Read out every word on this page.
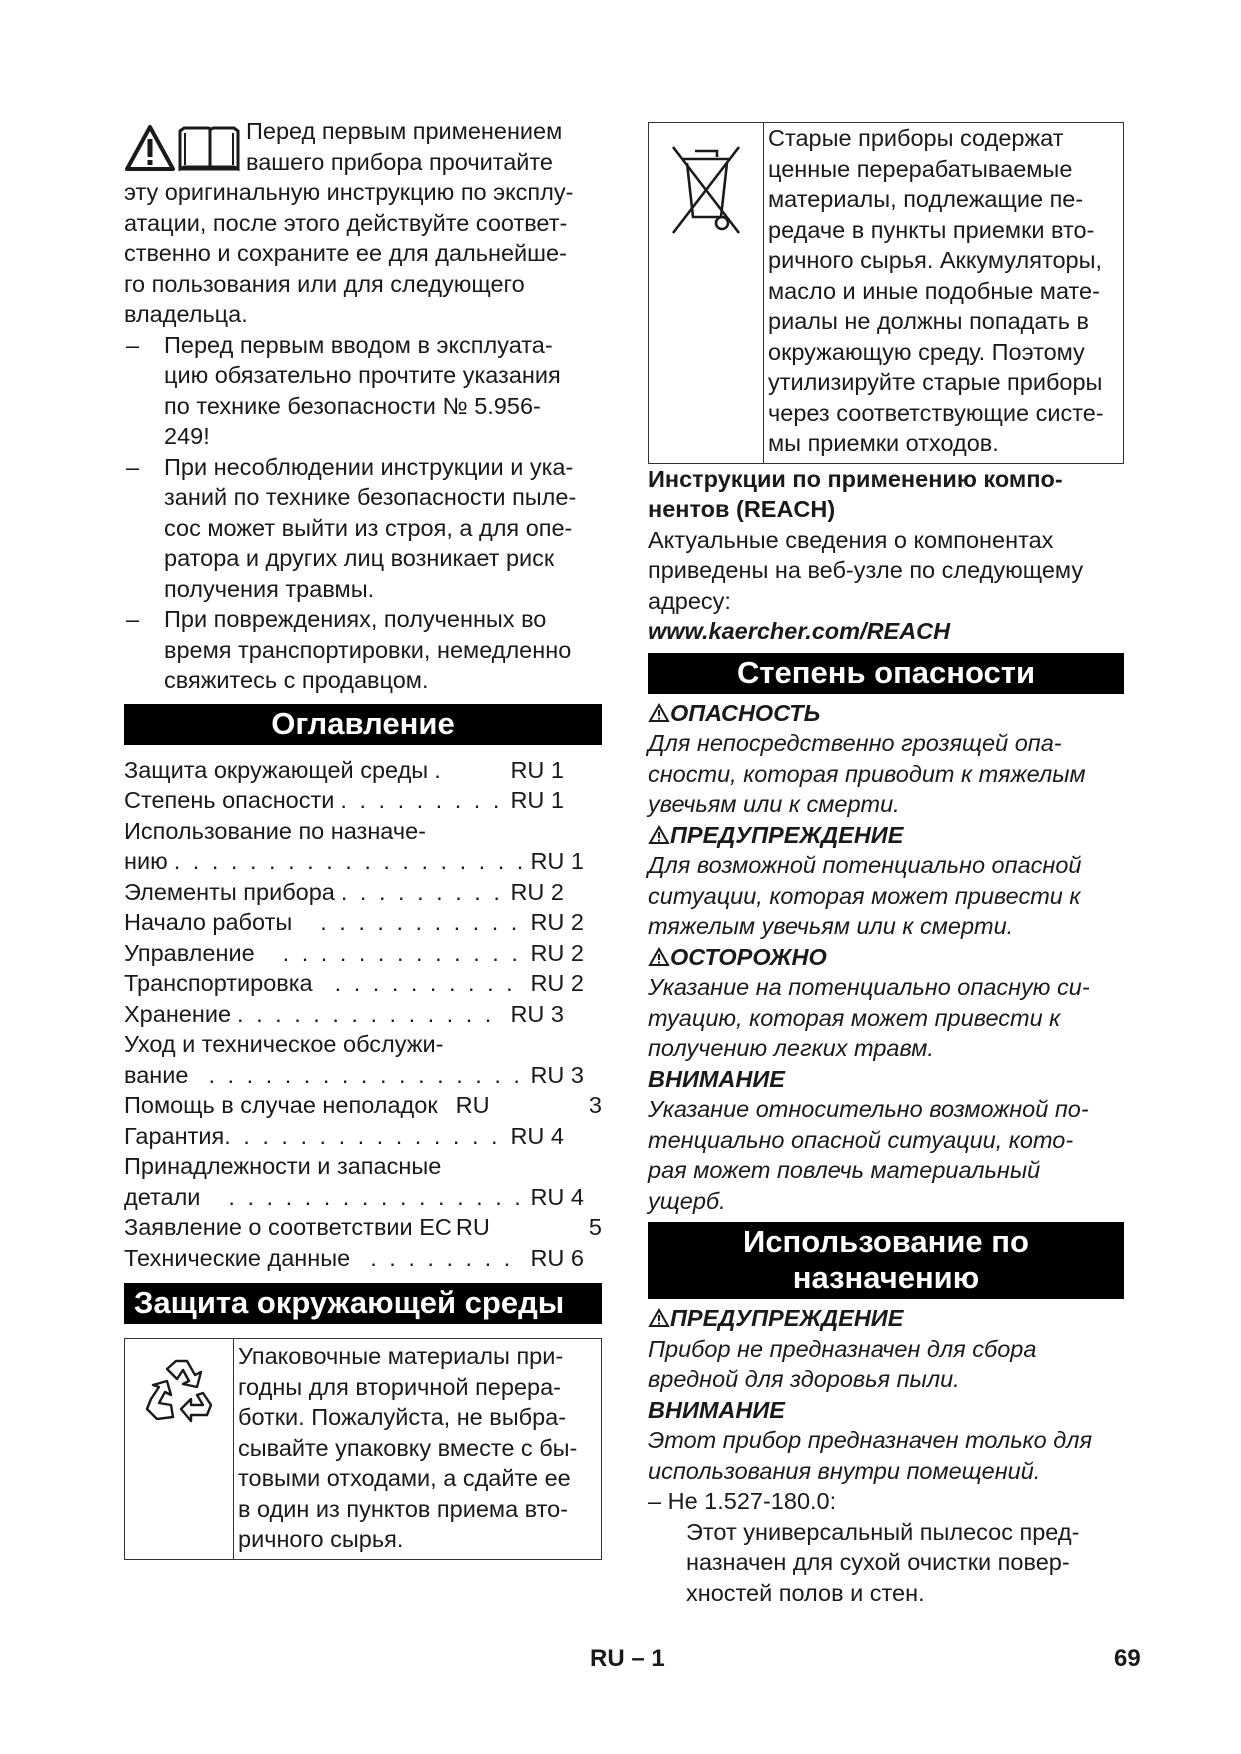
Перед первым применением

вашего прибора прочитайте

эту оригинальную инструкцию по эксплу-

атации, после этого действуйте соответ-

ственно и сохраните ее для дальнейше-

го пользования или для следующего

владельца.

– Перед первым вводом в эксплуата-

цию обязательно прочтите указания

по технике безопасности № 5.956-

249!

– При несоблюдении инструкции и ука-

заний по технике безопасности пыле-

сос может выйти из строя, а для опе-

ратора и других лиц возникает риск

получения травмы.

– При повреждениях, полученных во

время транспортировки, немедленно

свяжитесь с продавцом.

Оглавление
Защита окружающей среды .	RU 1
Степень опасности . . .	RU 1
Использование по назначе-
нию . . .	RU 1
Элементы прибора . . .	RU 2
Начало работы . . .	RU 2
Управление . . .	RU 2
Транспортировка . . .	RU 2
Хранение . . .	RU 3
Уход и техническое обслужи-
вание . . .	RU 3
Помощь в случае неполадок RU	3
Гарантия . . .	RU 4
Принадлежности и запасные
детали . . .	RU 4
Заявление о соответствии ЕС RU	5
Технические данные . . .	RU 6
Защита окружающей среды

Упаковочные материалы при-

годны для вторичной перера-

ботки. Пожалуйста, не выбра-

сывайте упаковку вместе с бы-

товыми отходами, а сдайте ее

в один из пунктов приема вто-

ричного сырья.

Старые приборы содержат

ценные перерабатываемые

материалы, подлежащие пе-

редаче в пункты приемки вто-

ричного сырья. Аккумуляторы,

масло и иные подобные мате-

риалы не должны попадать в

окружающую среду. Поэтому

утилизируйте старые приборы

через соответствующие систе-

мы приемки отходов.

Инструкции по применению компо-

нентов (REACH)

Актуальные сведения о компонентах

приведены на веб-узле по следующему

адресу:

www.kaercher.com/REACH

Степень опасности

ОПАСНОСТЬ

Для непосредственно грозящей опа-

сности, которая приводит к тяжелым

увечьям или к смерти.

ПРЕДУПРЕЖДЕНИЕ

Для возможной потенциально опасной

ситуации, которая может привести к

тяжелым увечьям или к смерти.

ОСТОРОЖНО

Указание на потенциально опасную си-

туацию, которая может привести к

получению легких травм.

ВНИМАНИЕ

Указание относительно возможной по-

тенциально опасной ситуации, кото-

рая может повлечь материальный

ущерб.

Использование по
назначению

ПРЕДУПРЕЖДЕНИЕ

Прибор не предназначен для сбора

вредной для здоровья пыли.

ВНИМАНИЕ

Этот прибор предназначен только для

использования внутри помещений.

– Не 1.527-180.0:

Этот универсальный пылесос пред-

назначен для сухой очистки повер-

хностей полов и стен.

RU – 1	69
